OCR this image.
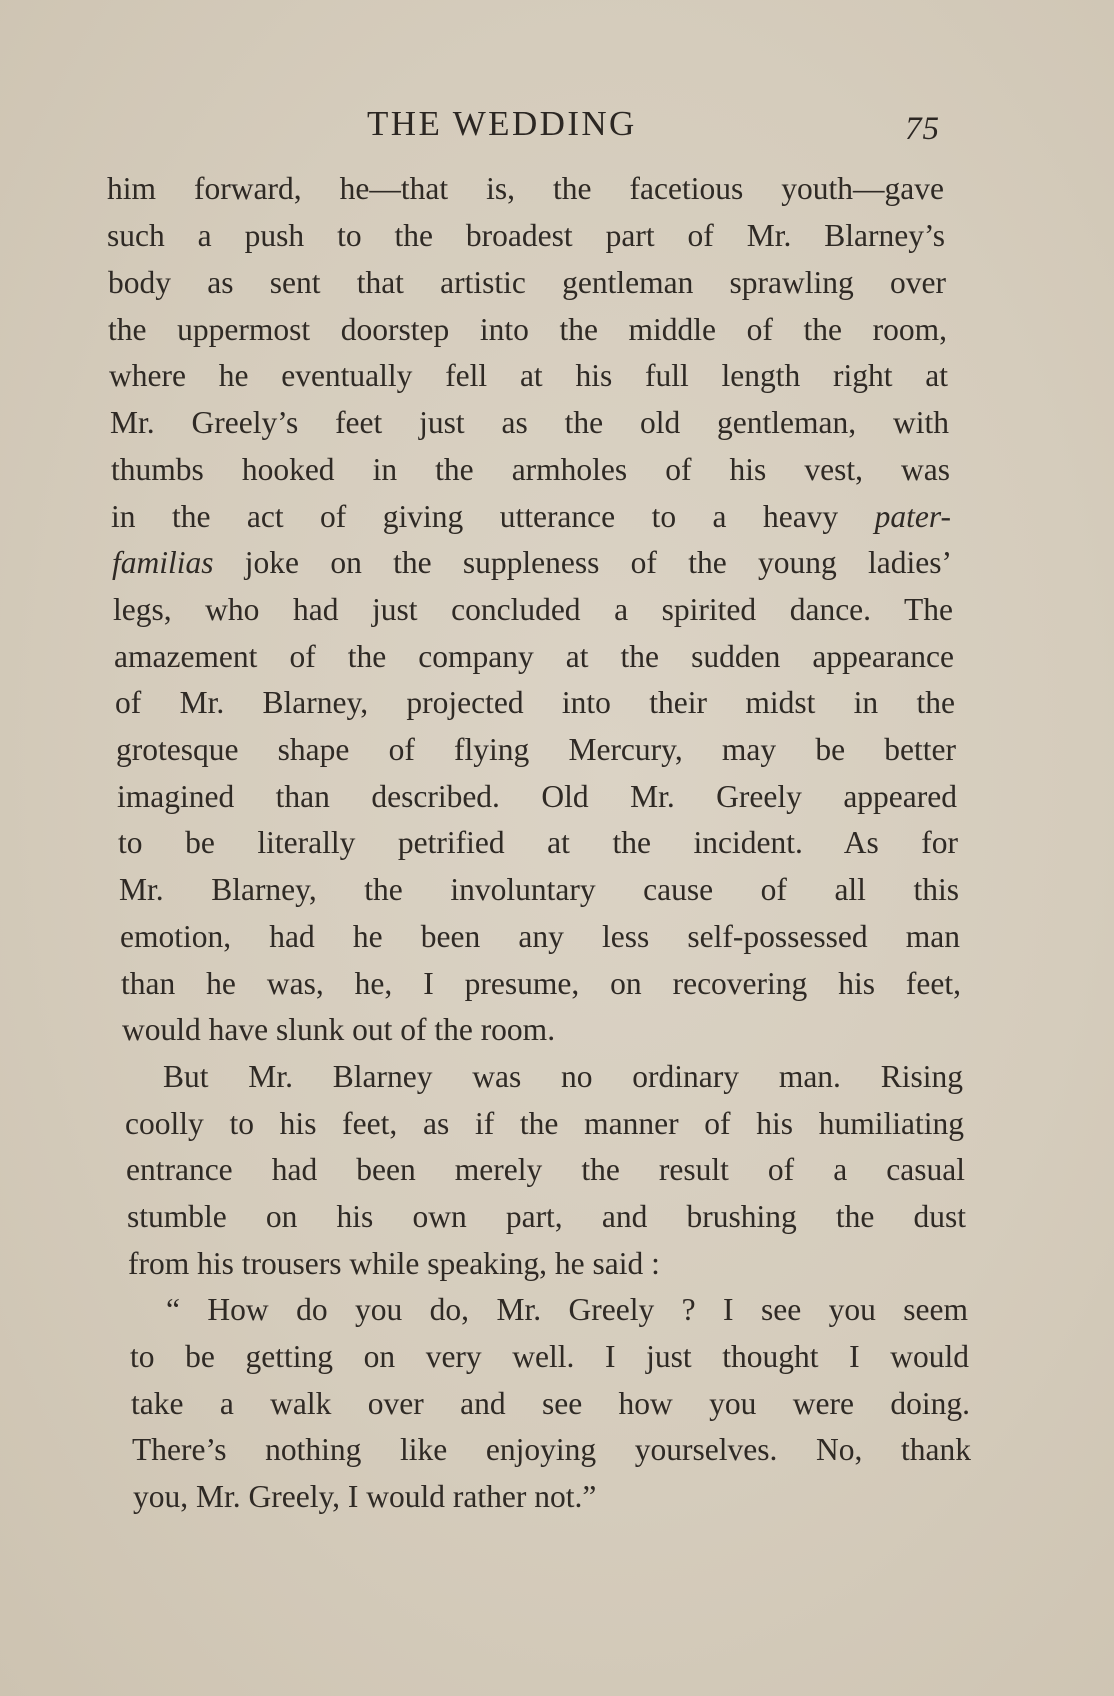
THE WEDDING	75
him forward, he—that is, the facetious youth—gave
such a push to the broadest part of Mr. Blarney’s
body as sent that artistic gentleman sprawling over
the uppermost doorstep into the middle of the room,
where he eventually fell at his full length right at
Mr. Greely’s feet just as the old gentleman, with
thumbs hooked in the armholes of his vest, was
in the act of giving utterance to a heavy pater-
familias joke on the suppleness of the young ladies’
legs, who had just concluded a spirited dance. The
amazement of the company at the sudden appearance
of Mr. Blarney, projected into their midst in the
grotesque shape of flying Mercury, may be better
imagined than described. Old Mr. Greely appeared
to be literally petrified at the incident. As for
Mr. Blarney, the involuntary cause of all this
emotion, had he been any less self-possessed man
than he was, he, I presume, on recovering his feet,
would have slunk out of the room.
But Mr. Blarney was no ordinary man. Rising
coolly to his feet, as if the manner of his humiliating
entrance had been merely the result of a casual
stumble on his own part, and brushing the dust
from his trousers while speaking, he said :
“ How do you do, Mr. Greely ? I see you seem
to be getting on very well. I just thought I would
take a walk over and see how you were doing.
There’s nothing like enjoying yourselves. No, thank
you, Mr. Greely, I would rather not.”
